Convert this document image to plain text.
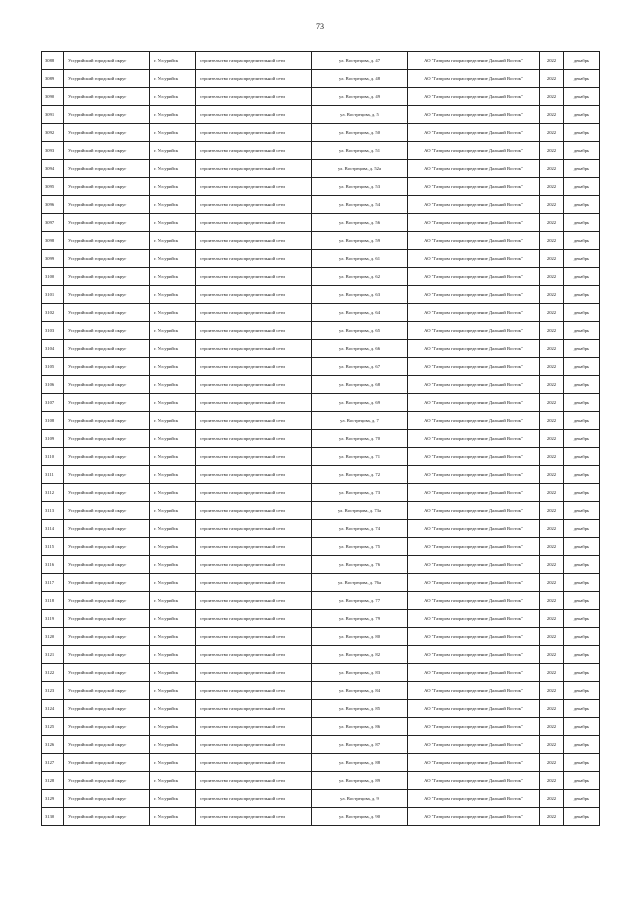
73
3088	Уссурийский городской округ	г. Уссурийск	строительство газораспределительной сети	ул. Вострецова, д. 47	АО "Газпром газораспределение Дальний Восток"	2022	декабрь
3089	Уссурийский городской округ	г. Уссурийск	строительство газораспределительной сети	ул. Вострецова, д. 48	АО "Газпром газораспределение Дальний Восток"	2022	декабрь
3090	Уссурийский городской округ	г. Уссурийск	строительство газораспределительной сети	ул. Вострецова, д. 49	АО "Газпром газораспределение Дальний Восток"	2022	декабрь
3091	Уссурийский городской округ	г. Уссурийск	строительство газораспределительной сети	ул. Вострецова, д. 5	АО "Газпром газораспределение Дальний Восток"	2022	декабрь
3092	Уссурийский городской округ	г. Уссурийск	строительство газораспределительной сети	ул. Вострецова, д. 50	АО "Газпром газораспределение Дальний Восток"	2022	декабрь
3093	Уссурийский городской округ	г. Уссурийск	строительство газораспределительной сети	ул. Вострецова, д. 51	АО "Газпром газораспределение Дальний Восток"	2022	декабрь
3094	Уссурийский городской округ	г. Уссурийск	строительство газораспределительной сети	ул. Вострецова, д. 52а	АО "Газпром газораспределение Дальний Восток"	2022	декабрь
3095	Уссурийский городской округ	г. Уссурийск	строительство газораспределительной сети	ул. Вострецова, д. 53	АО "Газпром газораспределение Дальний Восток"	2022	декабрь
3096	Уссурийский городской округ	г. Уссурийск	строительство газораспределительной сети	ул. Вострецова, д. 54	АО "Газпром газораспределение Дальний Восток"	2022	декабрь
3097	Уссурийский городской округ	г. Уссурийск	строительство газораспределительной сети	ул. Вострецова, д. 56	АО "Газпром газораспределение Дальний Восток"	2022	декабрь
3098	Уссурийский городской округ	г. Уссурийск	строительство газораспределительной сети	ул. Вострецова, д. 59	АО "Газпром газораспределение Дальний Восток"	2022	декабрь
3099	Уссурийский городской округ	г. Уссурийск	строительство газораспределительной сети	ул. Вострецова, д. 61	АО "Газпром газораспределение Дальний Восток"	2022	декабрь
3100	Уссурийский городской округ	г. Уссурийск	строительство газораспределительной сети	ул. Вострецова, д. 62	АО "Газпром газораспределение Дальний Восток"	2022	декабрь
3101	Уссурийский городской округ	г. Уссурийск	строительство газораспределительной сети	ул. Вострецова, д. 63	АО "Газпром газораспределение Дальний Восток"	2022	декабрь
3102	Уссурийский городской округ	г. Уссурийск	строительство газораспределительной сети	ул. Вострецова, д. 64	АО "Газпром газораспределение Дальний Восток"	2022	декабрь
3103	Уссурийский городской округ	г. Уссурийск	строительство газораспределительной сети	ул. Вострецова, д. 65	АО "Газпром газораспределение Дальний Восток"	2022	декабрь
3104	Уссурийский городской округ	г. Уссурийск	строительство газораспределительной сети	ул. Вострецова, д. 66	АО "Газпром газораспределение Дальний Восток"	2022	декабрь
3105	Уссурийский городской округ	г. Уссурийск	строительство газораспределительной сети	ул. Вострецова, д. 67	АО "Газпром газораспределение Дальний Восток"	2022	декабрь
3106	Уссурийский городской округ	г. Уссурийск	строительство газораспределительной сети	ул. Вострецова, д. 68	АО "Газпром газораспределение Дальний Восток"	2022	декабрь
3107	Уссурийский городской округ	г. Уссурийск	строительство газораспределительной сети	ул. Вострецова, д. 69	АО "Газпром газораспределение Дальний Восток"	2022	декабрь
3108	Уссурийский городской округ	г. Уссурийск	строительство газораспределительной сети	ул. Вострецова, д. 7	АО "Газпром газораспределение Дальний Восток"	2022	декабрь
3109	Уссурийский городской округ	г. Уссурийск	строительство газораспределительной сети	ул. Вострецова, д. 70	АО "Газпром газораспределение Дальний Восток"	2022	декабрь
3110	Уссурийский городской округ	г. Уссурийск	строительство газораспределительной сети	ул. Вострецова, д. 71	АО "Газпром газораспределение Дальний Восток"	2022	декабрь
3111	Уссурийский городской округ	г. Уссурийск	строительство газораспределительной сети	ул. Вострецова, д. 72	АО "Газпром газораспределение Дальний Восток"	2022	декабрь
3112	Уссурийский городской округ	г. Уссурийск	строительство газораспределительной сети	ул. Вострецова, д. 73	АО "Газпром газораспределение Дальний Восток"	2022	декабрь
3113	Уссурийский городской округ	г. Уссурийск	строительство газораспределительной сети	ул. Вострецова, д. 73а	АО "Газпром газораспределение Дальний Восток"	2022	декабрь
3114	Уссурийский городской округ	г. Уссурийск	строительство газораспределительной сети	ул. Вострецова, д. 74	АО "Газпром газораспределение Дальний Восток"	2022	декабрь
3115	Уссурийский городской округ	г. Уссурийск	строительство газораспределительной сети	ул. Вострецова, д. 75	АО "Газпром газораспределение Дальний Восток"	2022	декабрь
3116	Уссурийский городской округ	г. Уссурийск	строительство газораспределительной сети	ул. Вострецова, д. 76	АО "Газпром газораспределение Дальний Восток"	2022	декабрь
3117	Уссурийский городской округ	г. Уссурийск	строительство газораспределительной сети	ул. Вострецова, д. 76а	АО "Газпром газораспределение Дальний Восток"	2022	декабрь
3118	Уссурийский городской округ	г. Уссурийск	строительство газораспределительной сети	ул. Вострецова, д. 77	АО "Газпром газораспределение Дальний Восток"	2022	декабрь
3119	Уссурийский городской округ	г. Уссурийск	строительство газораспределительной сети	ул. Вострецова, д. 79	АО "Газпром газораспределение Дальний Восток"	2022	декабрь
3120	Уссурийский городской округ	г. Уссурийск	строительство газораспределительной сети	ул. Вострецова, д. 80	АО "Газпром газораспределение Дальний Восток"	2022	декабрь
3121	Уссурийский городской округ	г. Уссурийск	строительство газораспределительной сети	ул. Вострецова, д. 82	АО "Газпром газораспределение Дальний Восток"	2022	декабрь
3122	Уссурийский городской округ	г. Уссурийск	строительство газораспределительной сети	ул. Вострецова, д. 83	АО "Газпром газораспределение Дальний Восток"	2022	декабрь
3123	Уссурийский городской округ	г. Уссурийск	строительство газораспределительной сети	ул. Вострецова, д. 84	АО "Газпром газораспределение Дальний Восток"	2022	декабрь
3124	Уссурийский городской округ	г. Уссурийск	строительство газораспределительной сети	ул. Вострецова, д. 85	АО "Газпром газораспределение Дальний Восток"	2022	декабрь
3125	Уссурийский городской округ	г. Уссурийск	строительство газораспределительной сети	ул. Вострецова, д. 86	АО "Газпром газораспределение Дальний Восток"	2022	декабрь
3126	Уссурийский городской округ	г. Уссурийск	строительство газораспределительной сети	ул. Вострецова, д. 87	АО "Газпром газораспределение Дальний Восток"	2022	декабрь
3127	Уссурийский городской округ	г. Уссурийск	строительство газораспределительной сети	ул. Вострецова, д. 88	АО "Газпром газораспределение Дальний Восток"	2022	декабрь
3128	Уссурийский городской округ	г. Уссурийск	строительство газораспределительной сети	ул. Вострецова, д. 89	АО "Газпром газораспределение Дальний Восток"	2022	декабрь
3129	Уссурийский городской округ	г. Уссурийск	строительство газораспределительной сети	ул. Вострецова, д. 9	АО "Газпром газораспределение Дальний Восток"	2022	декабрь
3130	Уссурийский городской округ	г. Уссурийск	строительство газораспределительной сети	ул. Вострецова, д. 90	АО "Газпром газораспределение Дальний Восток"	2022	декабрь
